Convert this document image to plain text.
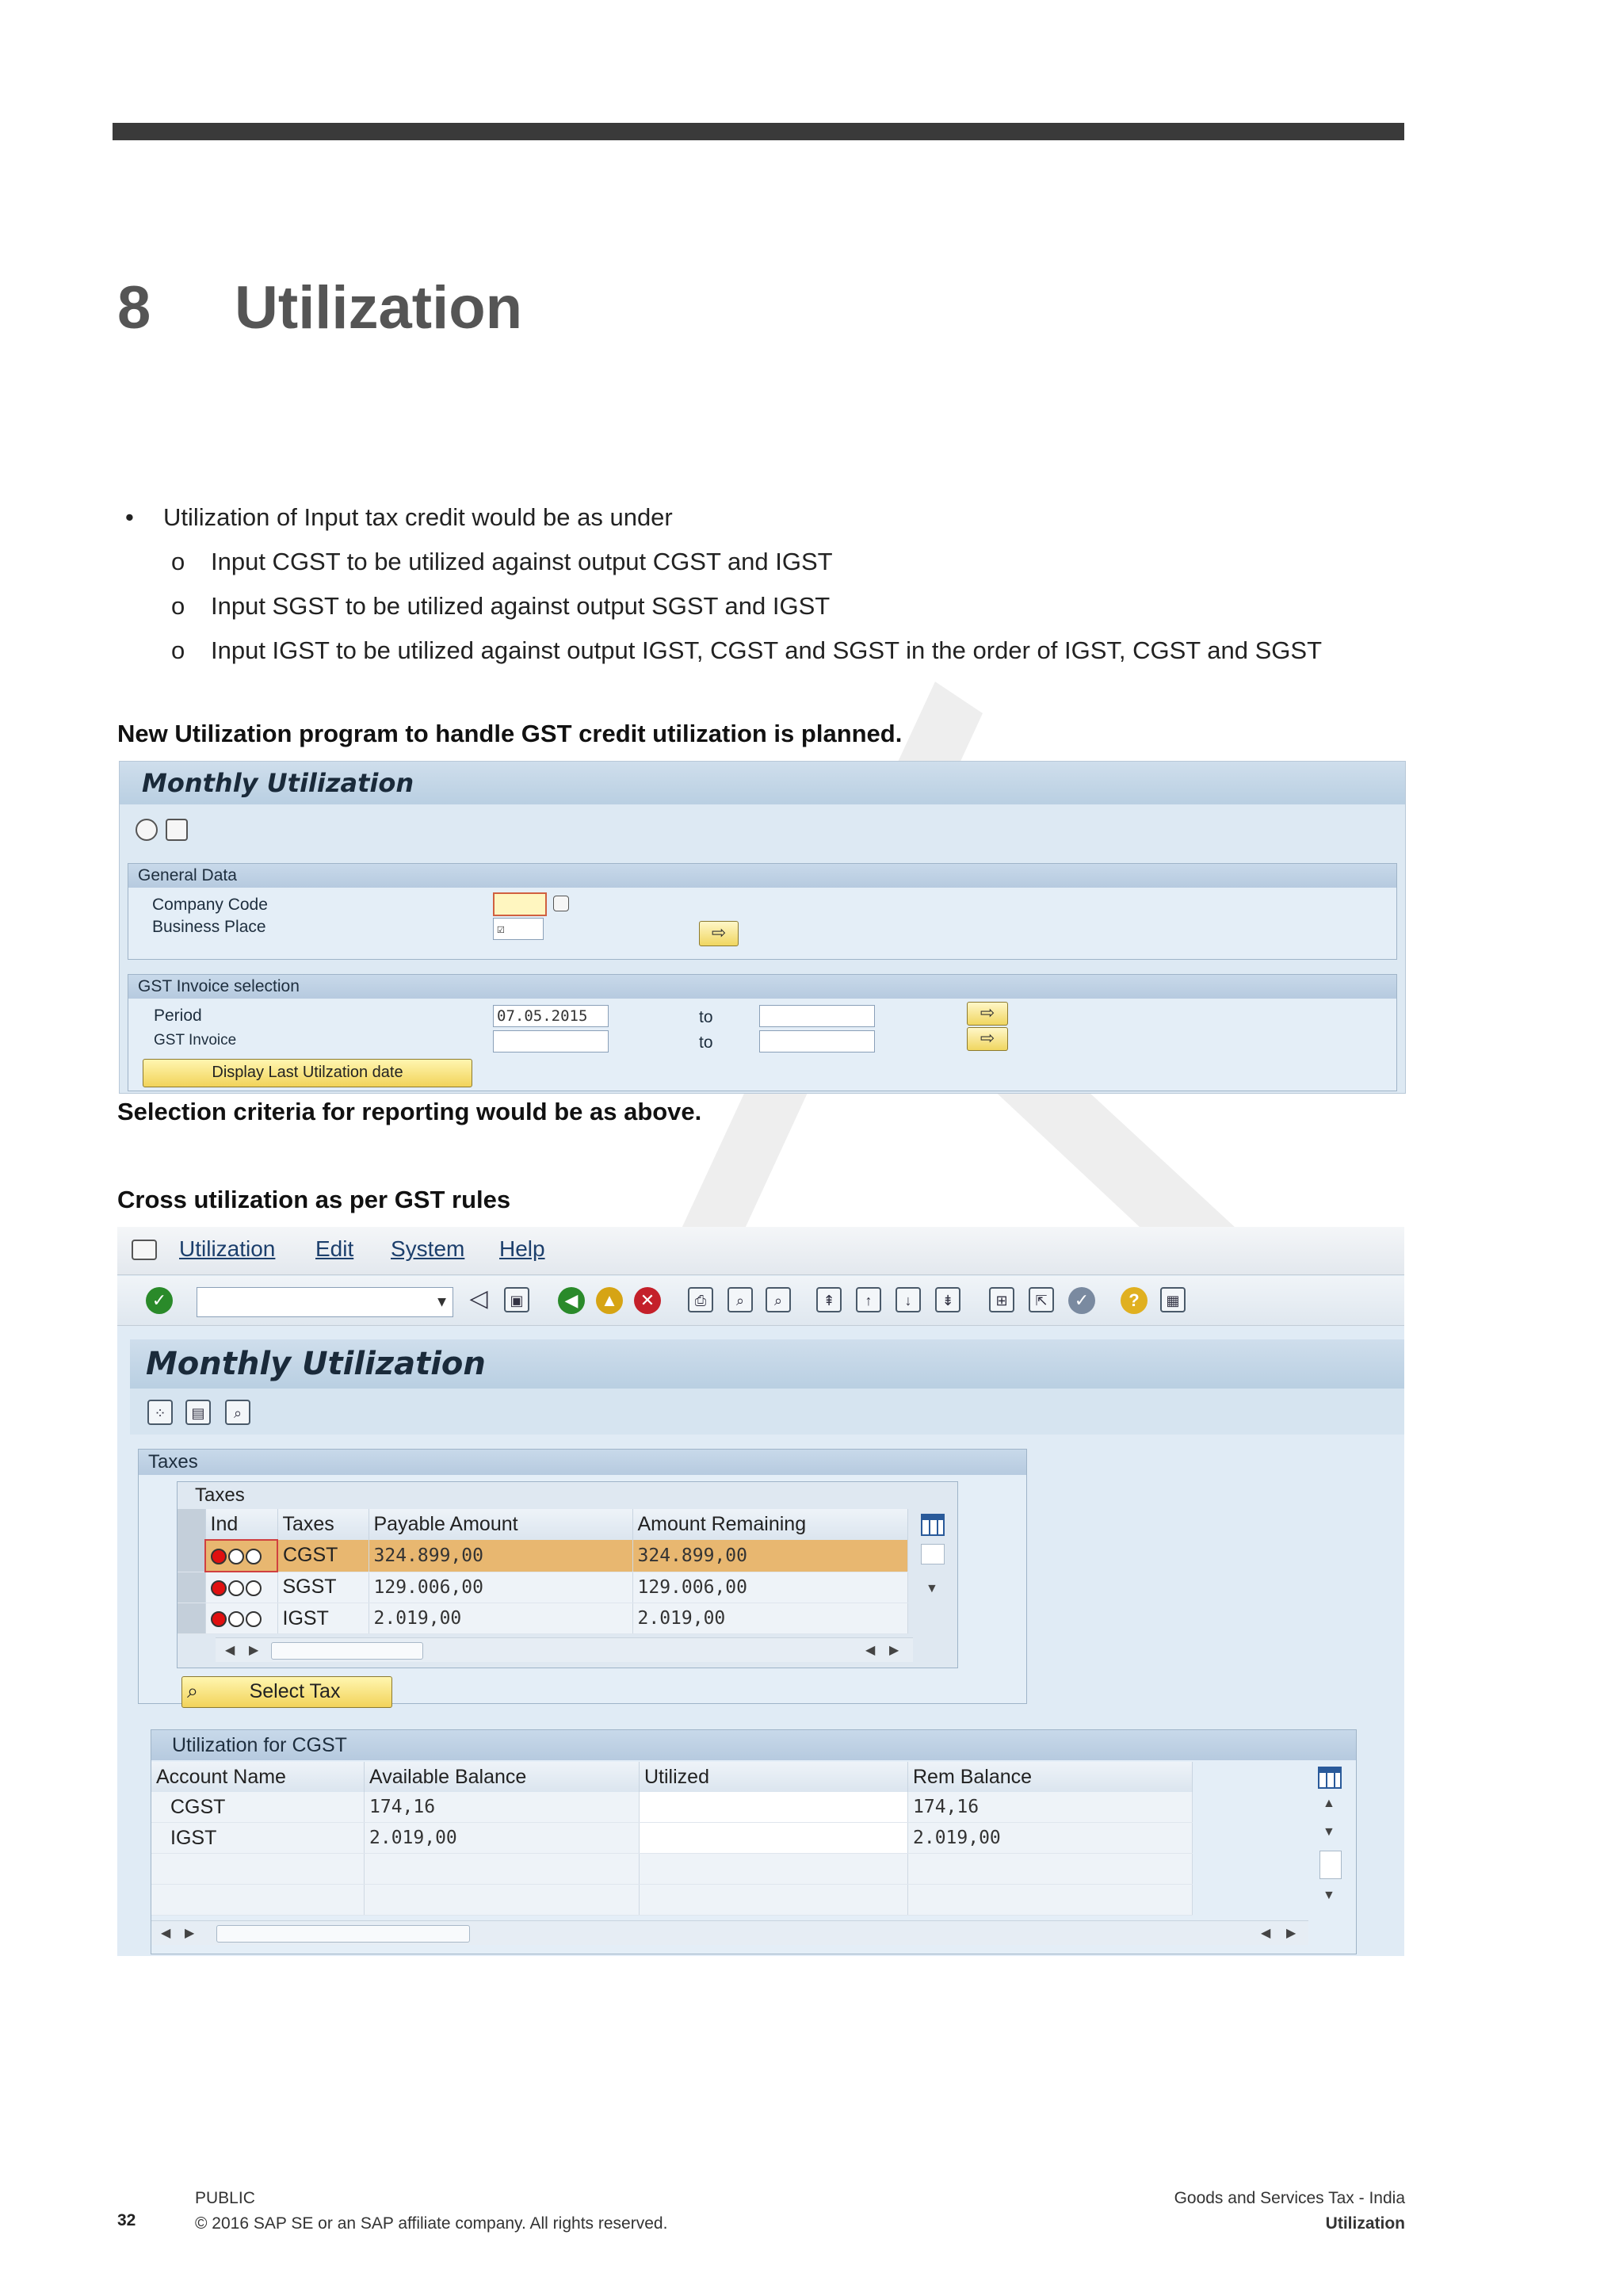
8 Utilization
• Utilization of Input tax credit would be as under
o Input CGST to be utilized against output CGST and IGST
o Input SGST to be utilized against output SGST and IGST
o Input IGST to be utilized against output IGST, CGST and SGST in the order of IGST, CGST and SGST
New Utilization program to handle GST credit utilization is planned.
Monthly Utilization
General Data
Company Code
Business Place	☑	⇨
GST Invoice selection
Period	07.05.2015	to	⇨
GST Invoice	to	⇨
Display Last Utilzation date
Selection criteria for reporting would be as above.
Cross utilization as per GST rules
Utilization Edit System Help
✓	▼ ◁	▣	◀	▲	✕	⎙	⌕	⌕	⇞	↑	↓	⇟	⊞	⇱	✓	?	▦
Monthly Utilization
⁘	▤	⌕
Taxes
Taxes
	Ind	Taxes	Payable Amount	Amount Remaining
		CGST	324.899,00	324.899,00
		SGST	129.006,00	129.006,00
		IGST	2.019,00	2.019,00
▼
◀ ▶	◀ ▶
⌕	Select Tax
Utilization for CGST
Account Name	Available Balance	Utilized	Rem Balance
CGST	174,16		174,16
IGST	2.019,00		2.019,00

▲
▼
▼
◀ ▶	◀ ▶
32
PUBLIC
© 2016 SAP SE or an SAP affiliate company. All rights reserved.
Goods and Services Tax - India
Utilization
